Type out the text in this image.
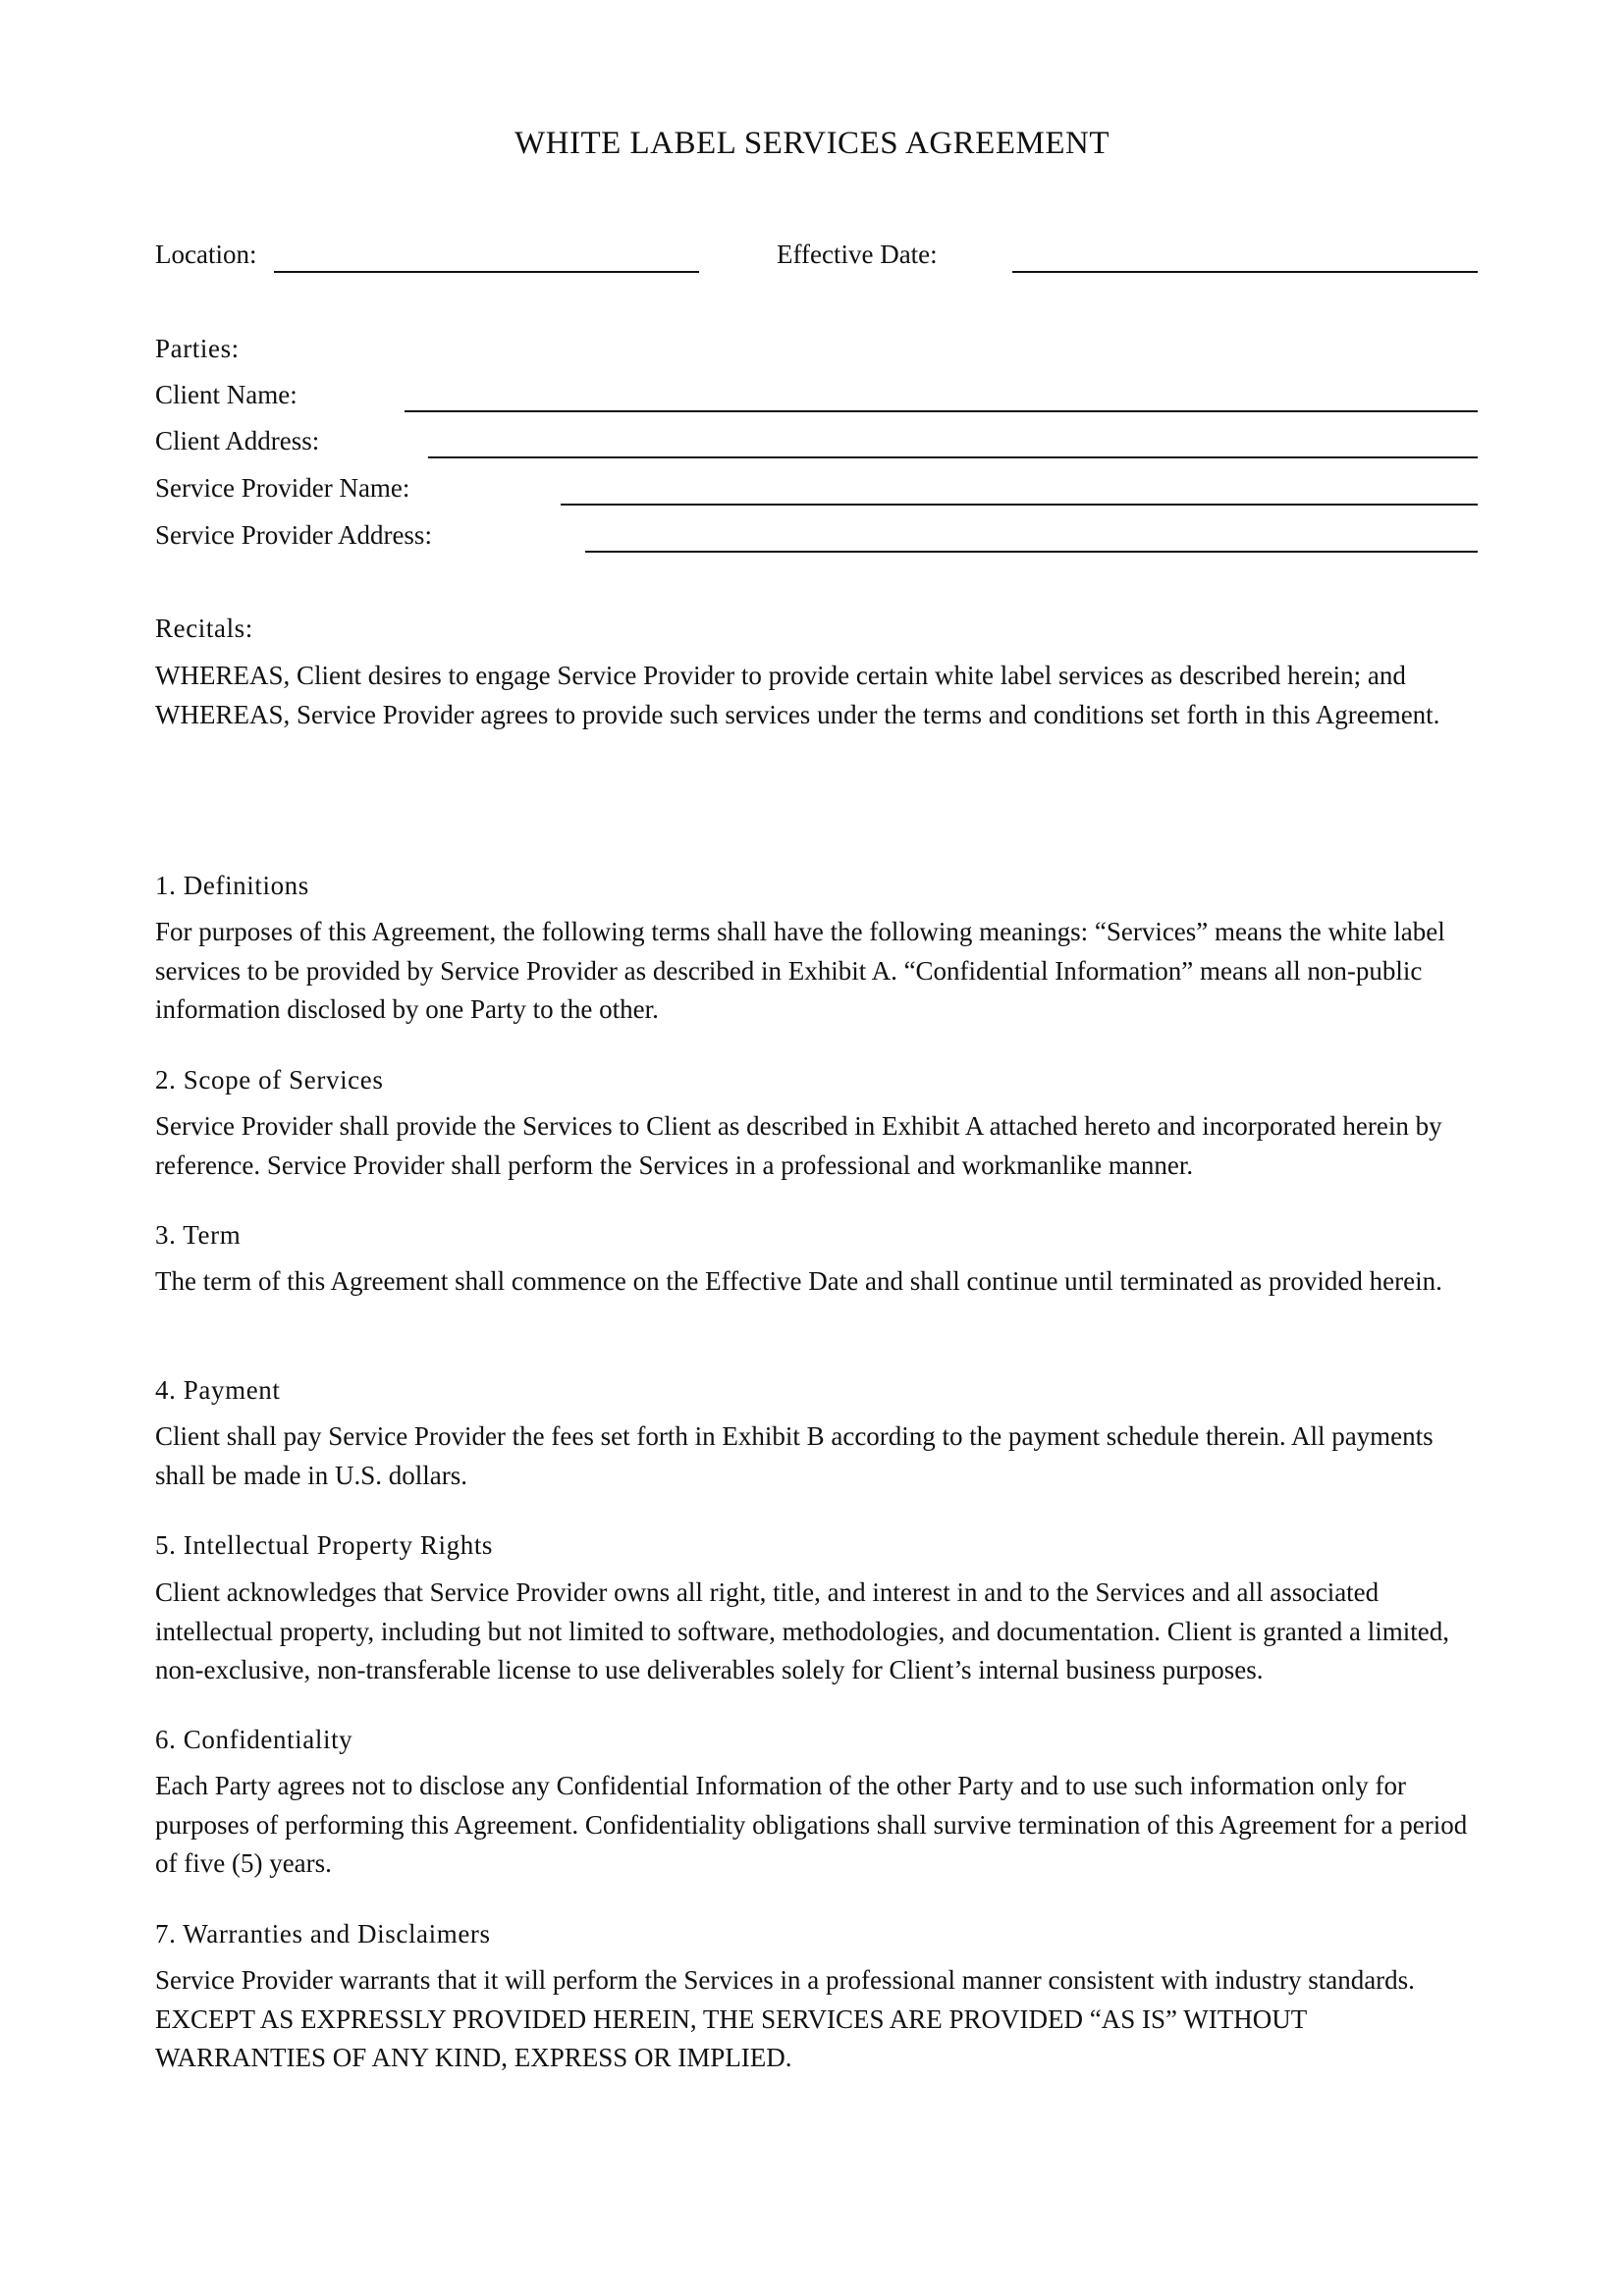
WHITE LABEL SERVICES AGREEMENT
Location:	Effective Date:
Parties:
Client Name:
Client Address:
Service Provider Name:
Service Provider Address:
Recitals:

WHEREAS, Client desires to engage Service Provider to provide certain white label services as described herein; and WHEREAS, Service Provider agrees to provide such services under the terms and conditions set forth in this Agreement.

1. Definitions

For purposes of this Agreement, the following terms shall have the following meanings: “Services” means the white label services to be provided by Service Provider as described in Exhibit A. “Confidential Information” means all non-public information disclosed by one Party to the other.

2. Scope of Services

Service Provider shall provide the Services to Client as described in Exhibit A attached hereto and incorporated herein by reference. Service Provider shall perform the Services in a professional and workmanlike manner.

3. Term

The term of this Agreement shall commence on the Effective Date and shall continue until terminated as provided herein.

4. Payment

Client shall pay Service Provider the fees set forth in Exhibit B according to the payment schedule therein. All payments shall be made in U.S. dollars.

5. Intellectual Property Rights

Client acknowledges that Service Provider owns all right, title, and interest in and to the Services and all associated intellectual property, including but not limited to software, methodologies, and documentation. Client is granted a limited, non-exclusive, non-transferable license to use deliverables solely for Client’s internal business purposes.

6. Confidentiality

Each Party agrees not to disclose any Confidential Information of the other Party and to use such information only for purposes of performing this Agreement. Confidentiality obligations shall survive termination of this Agreement for a period of five (5) years.

7. Warranties and Disclaimers

Service Provider warrants that it will perform the Services in a professional manner consistent with industry standards. EXCEPT AS EXPRESSLY PROVIDED HEREIN, THE SERVICES ARE PROVIDED “AS IS” WITHOUT WARRANTIES OF ANY KIND, EXPRESS OR IMPLIED.
